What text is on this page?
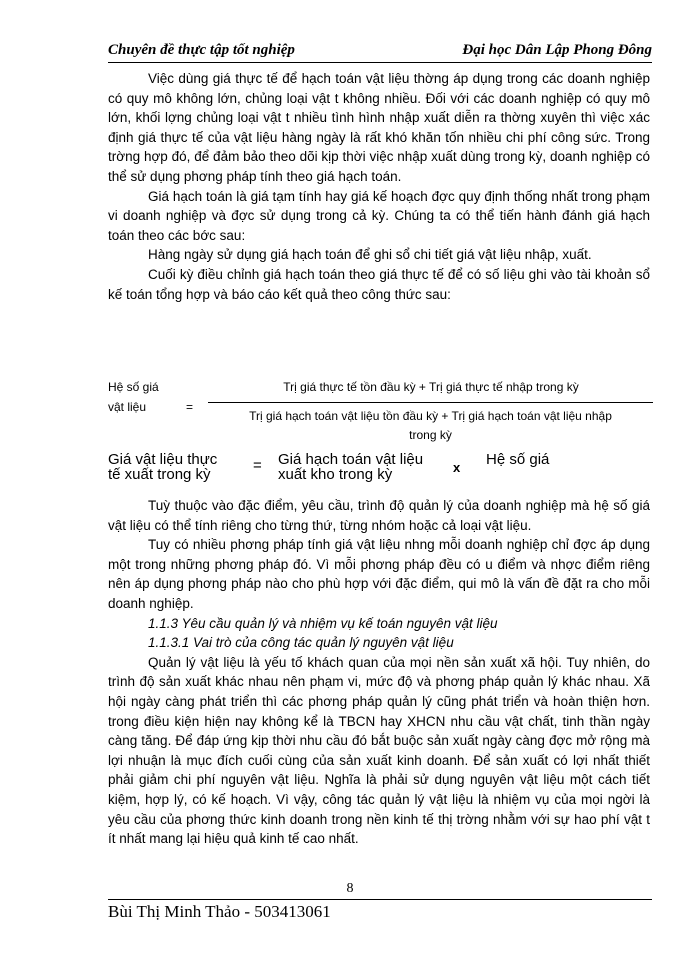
Chuyên đề thực tập tốt nghiệp	Đại học Dân Lập Phong Đông

Việc dùng giá thực tế để hạch toán vật liệu thờng áp dụng trong các doanh nghiệp có quy mô không lớn, chủng loại vật t không nhiều. Đối với các doanh nghiệp có quy mô lớn, khối lợng chủng loại vật t nhiều tình hình nhập xuất diễn ra thờng xuyên thì việc xác định giá thực tế của vật liệu hàng ngày là rất khó khăn tốn nhiều chi phí công sức. Trong trờng hợp đó, để đảm bảo theo dõi kịp thời việc nhập xuất dùng trong kỳ, doanh nghiệp có thể sử dụng phơng pháp tính theo giá hạch toán.

Giá hạch toán là giá tạm tính hay giá kế hoạch đợc quy định thống nhất trong phạm vi doanh nghiệp và đợc sử dụng trong cả kỳ. Chúng ta có thể tiến hành đánh giá hạch toán theo các bớc sau:

Hàng ngày sử dụng giá hạch toán để ghi sổ chi tiết giá vật liệu nhập, xuất.

Cuối kỳ điều chỉnh giá hạch toán theo giá thực tế để có số liệu ghi vào tài khoản sổ kế toán tổng hợp và báo cáo kết quả theo công thức sau:

Hệ số giá
vật liệu	=
Trị giá thực tế tồn đầu kỳ + Trị giá thực tế nhập trong kỳ
Trị giá hạch toán vật liệu tồn đầu kỳ + Trị giá hạch toán vật liệu nhập
trong kỳ
Giá vật liệu thực
tế xuất trong kỳ
= Giá hạch toán vật liệu
xuất kho trong kỳ	x Hệ số giá

Tuỳ thuộc vào đặc điểm, yêu cầu, trình độ quản lý của doanh nghiệp mà hệ số giá vật liệu có thể tính riêng cho từng thứ, từng nhóm hoặc cả loại vật liệu.

Tuy có nhiều phơng pháp tính giá vật liệu nhng mỗi doanh nghiệp chỉ đợc áp dụng một trong những phơng pháp đó. Vì mỗi phơng pháp đều có u điểm và nhợc điểm riêng nên áp dụng phơng pháp nào cho phù hợp với đặc điểm, qui mô là vấn đề đặt ra cho mỗi doanh nghiệp.

1.1.3 Yêu cầu quản lý và nhiệm vụ kế toán nguyên vật liệu

1.1.3.1 Vai trò của công tác quản lý nguyên vật liệu

Quản lý vật liệu là yếu tố khách quan của mọi nền sản xuất xã hội. Tuy nhiên, do trình độ sản xuất khác nhau nên phạm vi, mức độ và phơng pháp quản lý khác nhau. Xã hội ngày càng phát triển thì các phơng pháp quản lý cũng phát triển và hoàn thiện hơn. trong điều kiện hiện nay không kể là TBCN hay XHCN nhu cầu vật chất, tinh thần ngày càng tăng. Để đáp ứng kịp thời nhu cầu đó bắt buộc sản xuất ngày càng đợc mở rộng mà lợi nhuận là mục đích cuối cùng của sản xuất kinh doanh. Để sản xuất có lợi nhất thiết phải giảm chi phí nguyên vật liệu. Nghĩa là phải sử dụng nguyên vật liệu một cách tiết kiệm, hợp lý, có kế hoạch. Vì vậy, công tác quản lý vật liệu là nhiệm vụ của mọi ngời là yêu cầu của phơng thức kinh doanh trong nền kinh tế thị trờng nhằm với sự hao phí vật t ít nhất mang lại hiệu quả kinh tế cao nhất.

8
Bùi Thị Minh Thảo - 503413061
